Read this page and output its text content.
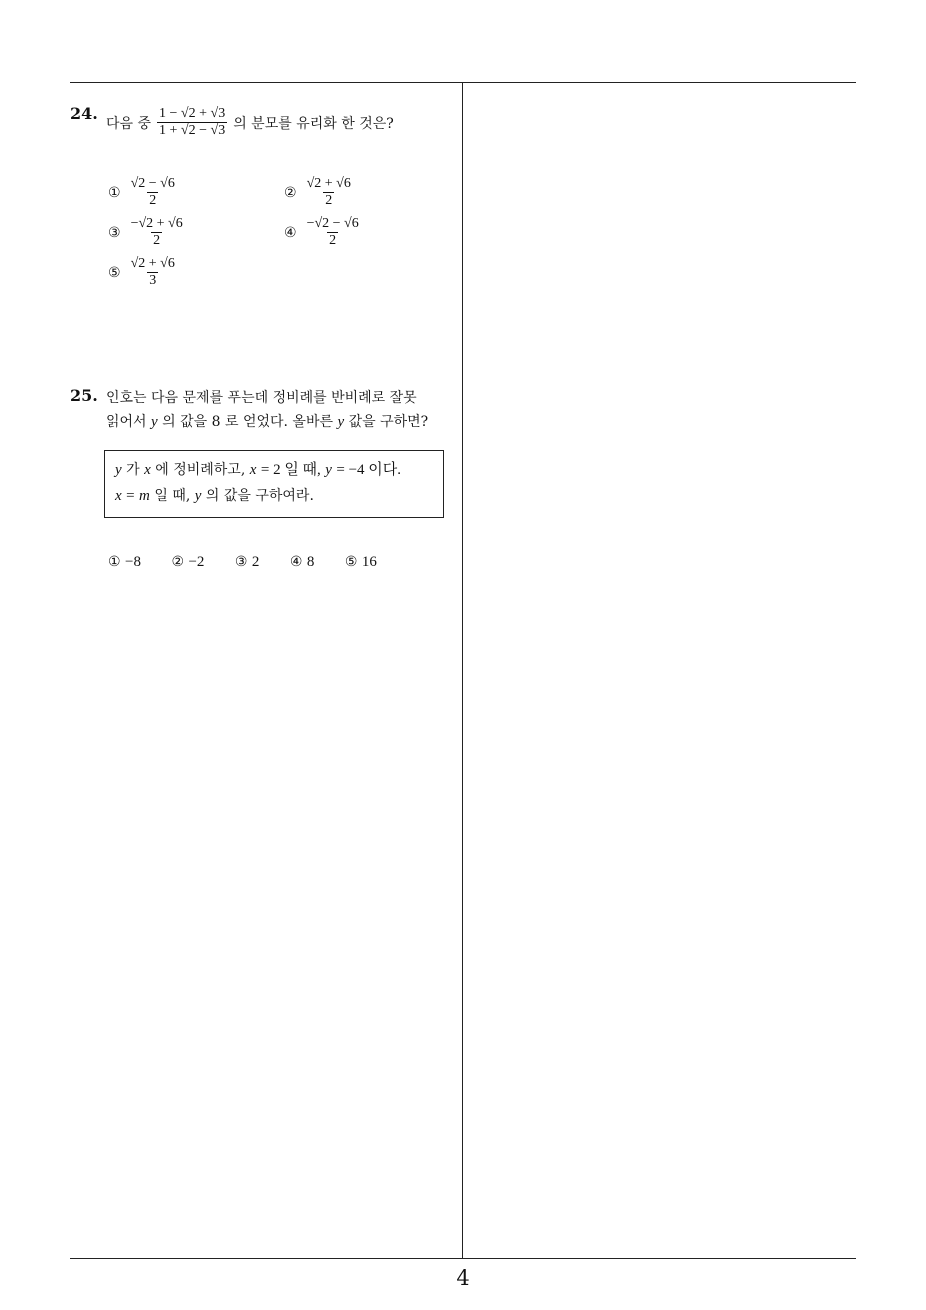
24.
다음 중 $\frac{1 - √2 + √3}{1 + √2 - √3}$ 의 분모를 유리화 한 것은?
① $\frac{√2 - √6}{2}$	② $\frac{√2 + √6}{2}$
③ $\frac{-√2 + √6}{2}$	④ $\frac{-√2 - √6}{2}$
⑤ $\frac{√2 + √6}{3}$
25. 인호는 다음 문제를 푸는데 정비례를 반비례로 잘못
읽어서 y 의 값을 8 로 얻었다. 올바른 y 값을 구하면?
y 가 x 에 정비례하고, x = 2 일 때, y = −4 이다.
x = m 일 때, y 의 값을 구하여라.
① −8 ② −2 ③ 2 ④ 8 ⑤ 16
4
